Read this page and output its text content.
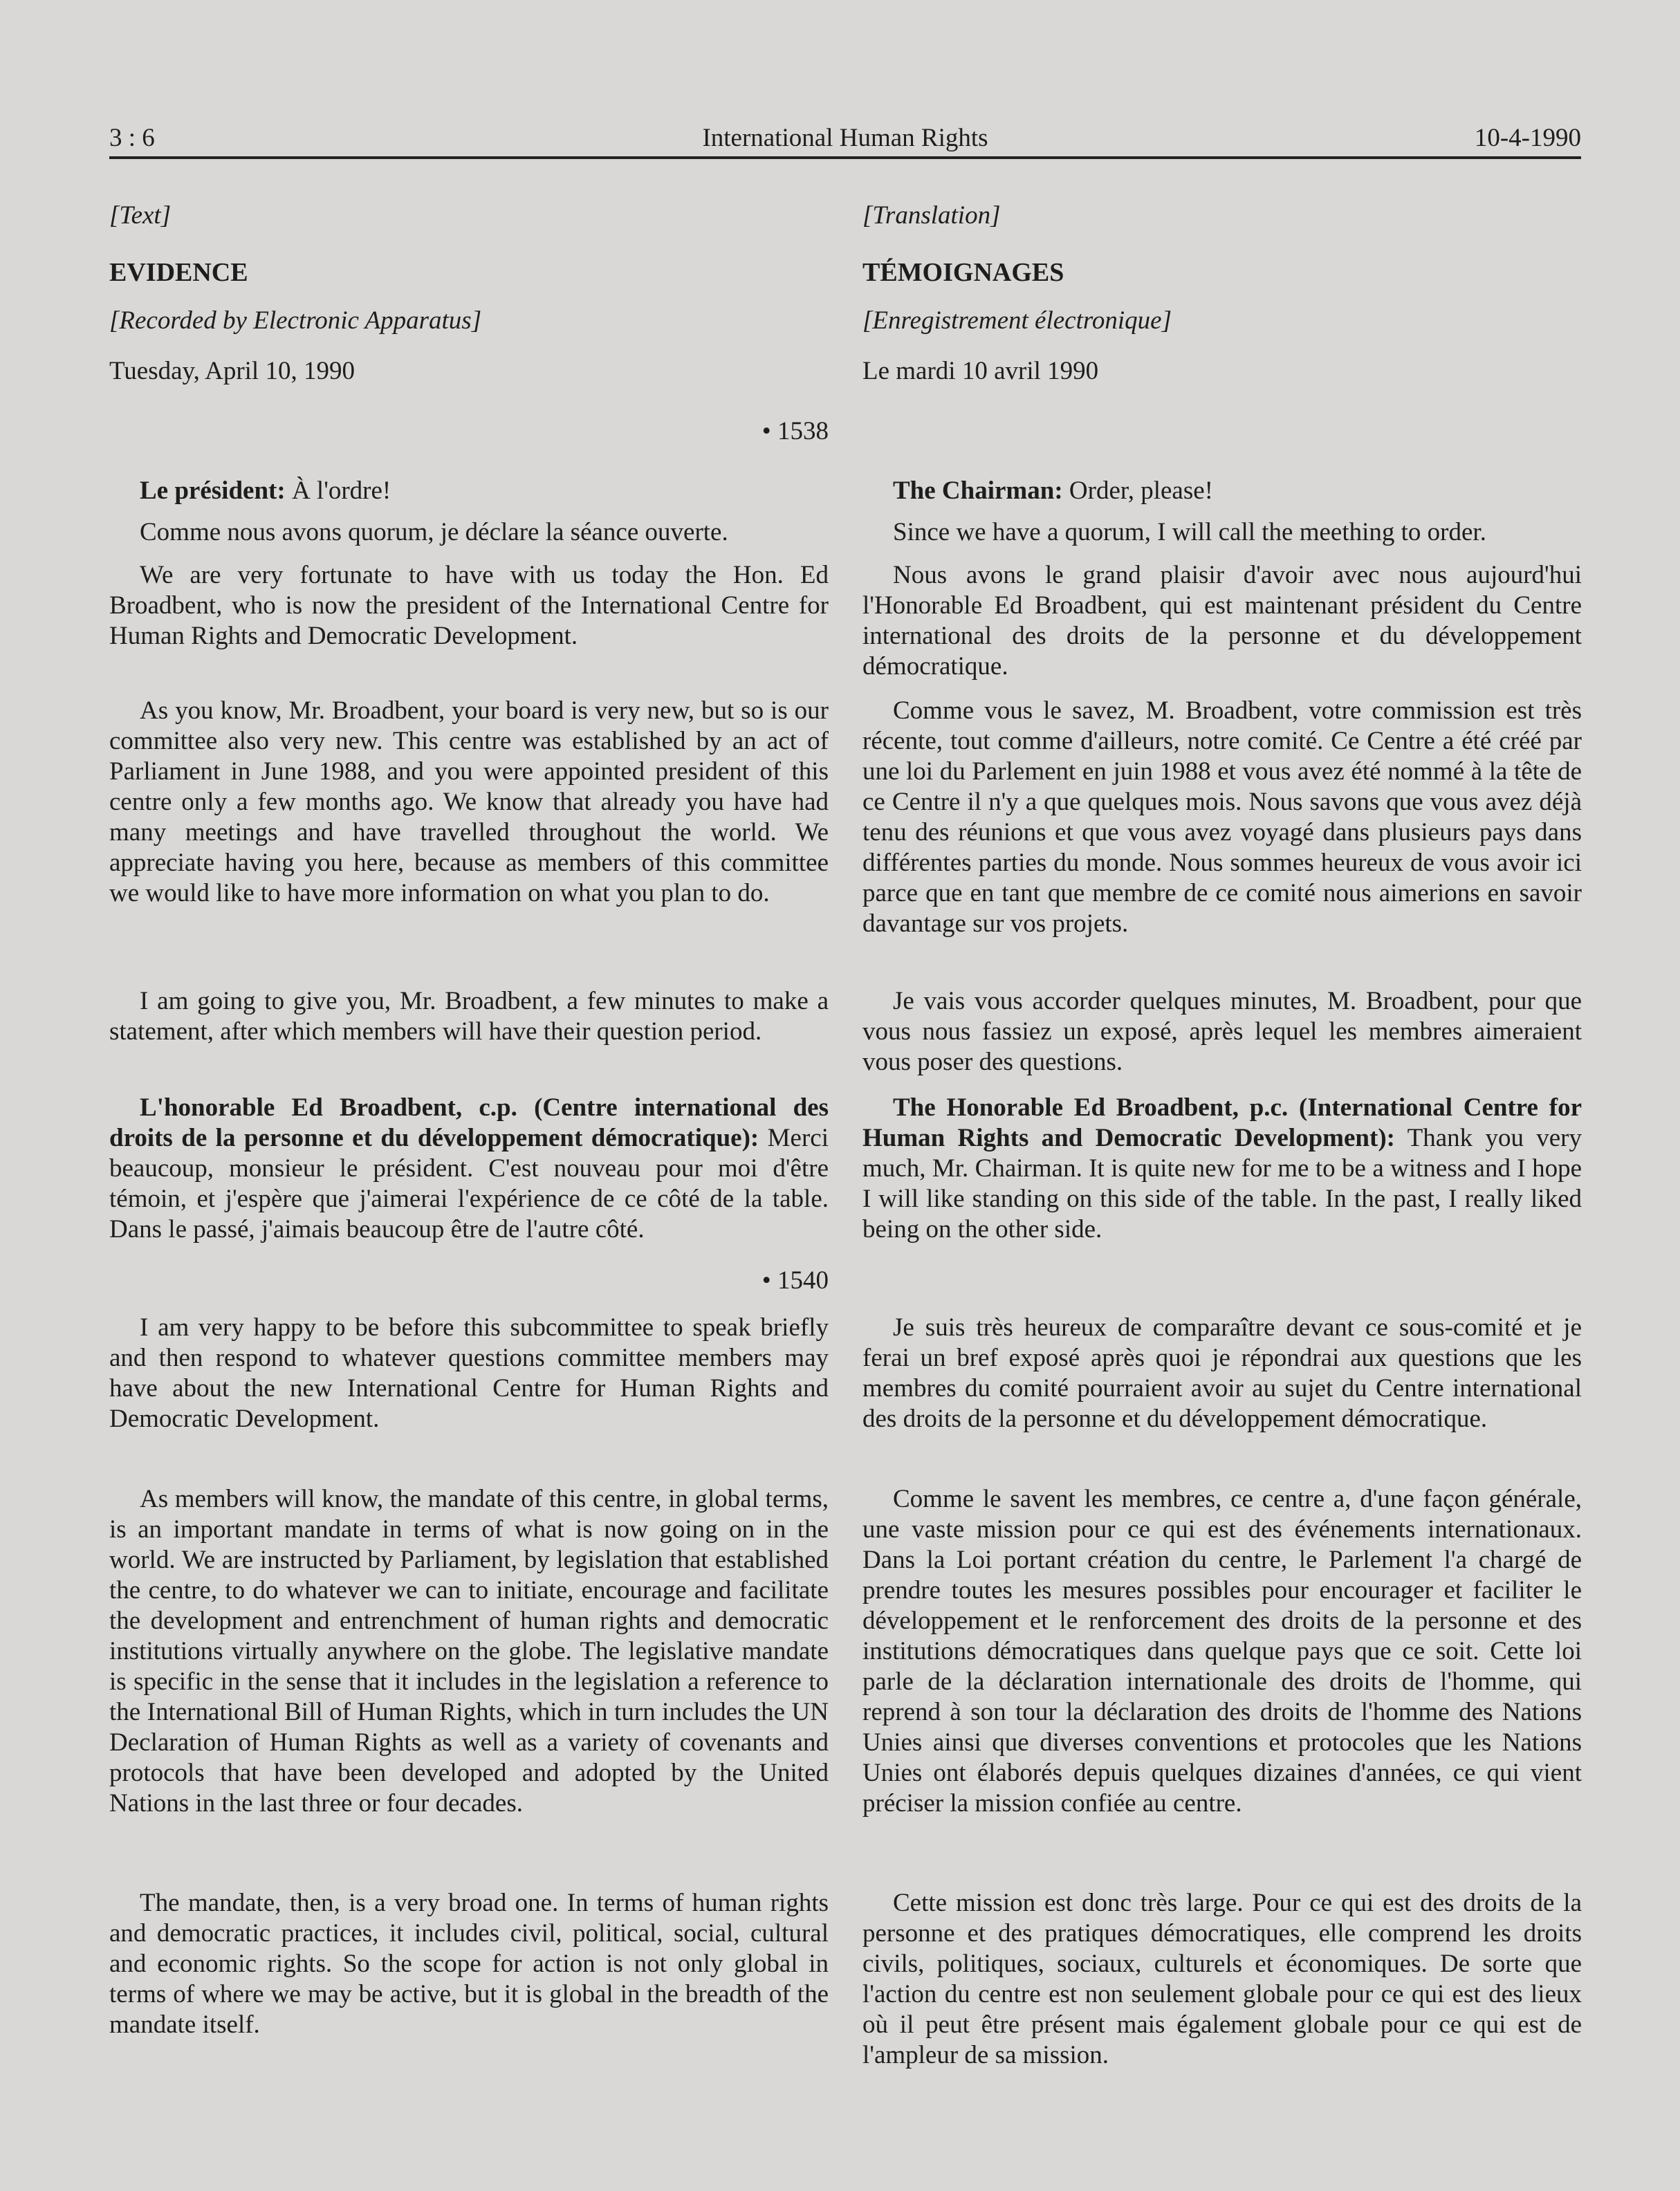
3 : 6	International Human Rights	10-4-1990

[Text]

EVIDENCE

[Recorded by Electronic Apparatus]

Tuesday, April 10, 1990

• 1538

Le président: À l'ordre!

Comme nous avons quorum, je déclare la séance ouverte.

We are very fortunate to have with us today the Hon. Ed Broadbent, who is now the president of the International Centre for Human Rights and Democratic Development.

As you know, Mr. Broadbent, your board is very new, but so is our committee also very new. This centre was established by an act of Parliament in June 1988, and you were appointed president of this centre only a few months ago. We know that already you have had many meetings and have travelled throughout the world. We appreciate having you here, because as members of this committee we would like to have more information on what you plan to do.

I am going to give you, Mr. Broadbent, a few minutes to make a statement, after which members will have their question period.

L'honorable Ed Broadbent, c.p. (Centre international des droits de la personne et du développement démocratique): Merci beaucoup, monsieur le président. C'est nouveau pour moi d'être témoin, et j'espère que j'aimerai l'expérience de ce côté de la table. Dans le passé, j'aimais beaucoup être de l'autre côté.

• 1540

I am very happy to be before this subcommittee to speak briefly and then respond to whatever questions committee members may have about the new International Centre for Human Rights and Democratic Development.

As members will know, the mandate of this centre, in global terms, is an important mandate in terms of what is now going on in the world. We are instructed by Parliament, by legislation that established the centre, to do whatever we can to initiate, encourage and facilitate the development and entrenchment of human rights and democratic institutions virtually anywhere on the globe. The legislative mandate is specific in the sense that it includes in the legislation a reference to the International Bill of Human Rights, which in turn includes the UN Declaration of Human Rights as well as a variety of covenants and protocols that have been developed and adopted by the United Nations in the last three or four decades.

The mandate, then, is a very broad one. In terms of human rights and democratic practices, it includes civil, political, social, cultural and economic rights. So the scope for action is not only global in terms of where we may be active, but it is global in the breadth of the mandate itself.

[Translation]

TÉMOIGNAGES

[Enregistrement électronique]

Le mardi 10 avril 1990

The Chairman: Order, please!

Since we have a quorum, I will call the meething to order.

Nous avons le grand plaisir d'avoir avec nous aujourd'hui l'Honorable Ed Broadbent, qui est maintenant président du Centre international des droits de la personne et du développement démocratique.

Comme vous le savez, M. Broadbent, votre commission est très récente, tout comme d'ailleurs, notre comité. Ce Centre a été créé par une loi du Parlement en juin 1988 et vous avez été nommé à la tête de ce Centre il n'y a que quelques mois. Nous savons que vous avez déjà tenu des réunions et que vous avez voyagé dans plusieurs pays dans différentes parties du monde. Nous sommes heureux de vous avoir ici parce que en tant que membre de ce comité nous aimerions en savoir davantage sur vos projets.

Je vais vous accorder quelques minutes, M. Broadbent, pour que vous nous fassiez un exposé, après lequel les membres aimeraient vous poser des questions.

The Honorable Ed Broadbent, p.c. (International Centre for Human Rights and Democratic Development): Thank you very much, Mr. Chairman. It is quite new for me to be a witness and I hope I will like standing on this side of the table. In the past, I really liked being on the other side.

Je suis très heureux de comparaître devant ce sous-comité et je ferai un bref exposé après quoi je répondrai aux questions que les membres du comité pourraient avoir au sujet du Centre international des droits de la personne et du développement démocratique.

Comme le savent les membres, ce centre a, d'une façon générale, une vaste mission pour ce qui est des événements internationaux. Dans la Loi portant création du centre, le Parlement l'a chargé de prendre toutes les mesures possibles pour encourager et faciliter le développement et le renforcement des droits de la personne et des institutions démocratiques dans quelque pays que ce soit. Cette loi parle de la déclaration internationale des droits de l'homme, qui reprend à son tour la déclaration des droits de l'homme des Nations Unies ainsi que diverses conventions et protocoles que les Nations Unies ont élaborés depuis quelques dizaines d'années, ce qui vient préciser la mission confiée au centre.

Cette mission est donc très large. Pour ce qui est des droits de la personne et des pratiques démocratiques, elle comprend les droits civils, politiques, sociaux, culturels et économiques. De sorte que l'action du centre est non seulement globale pour ce qui est des lieux où il peut être présent mais également globale pour ce qui est de l'ampleur de sa mission.
